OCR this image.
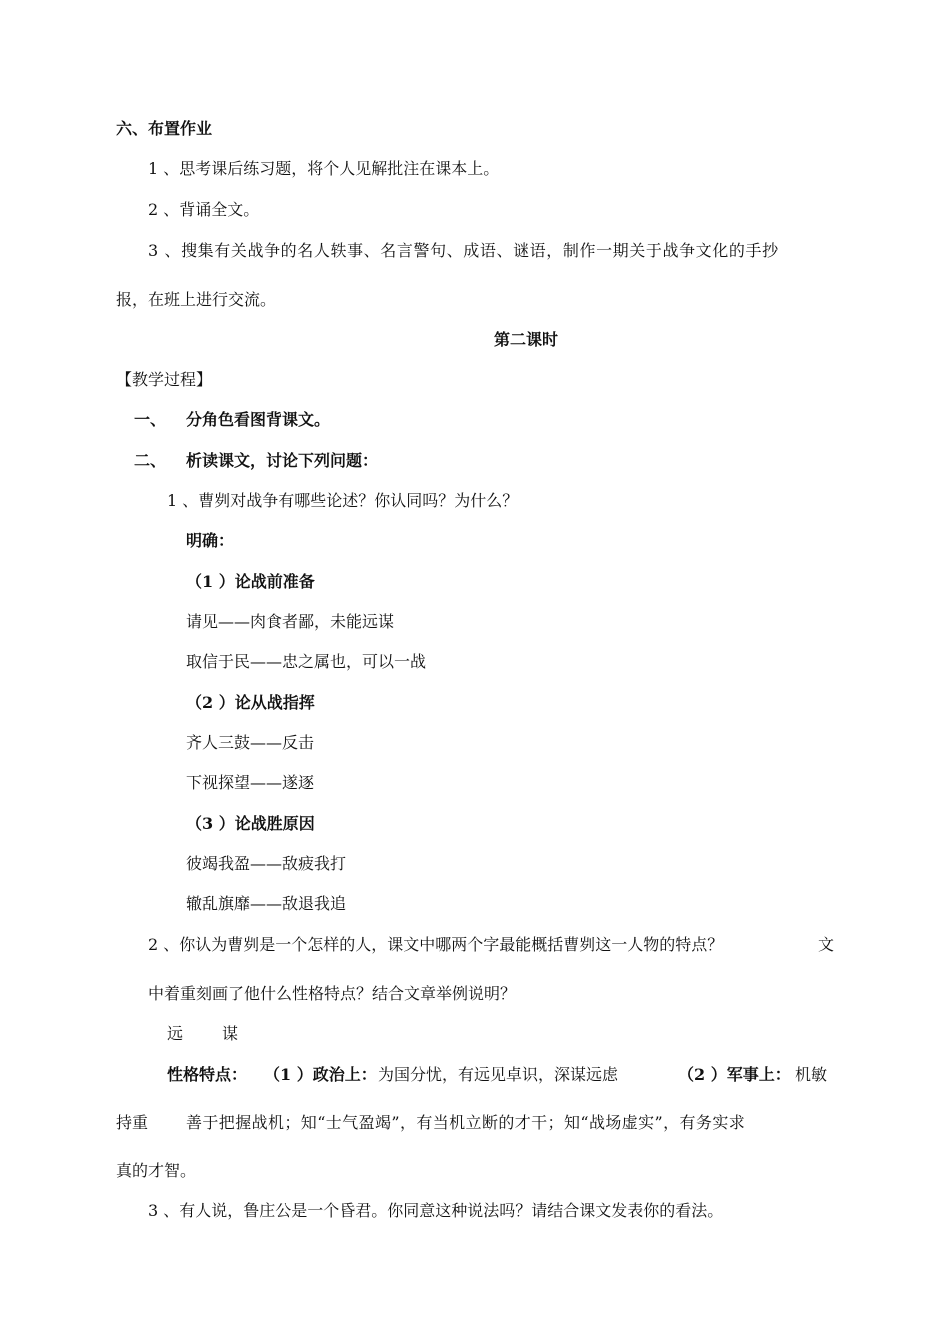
六、布置作业
1 、思考课后练习题，将个人见解批注在课本上。
2 、背诵全文。
3 、搜集有关战争的名人轶事、名言警句、成语、谜语，制作一期关于战争文化的手抄
报，在班上进行交流。
第二课时
【教学过程】
一、 分角色看图背课文。
二、 析读课文，讨论下列问题：
1 、曹刿对战争有哪些论述？你认同吗？为什么？
明确：
（1 ）论战前准备
请见——肉食者鄙，未能远谋
取信于民——忠之属也，可以一战
（2 ）论从战指挥
齐人三鼓——反击
下视探望——遂逐
（3 ）论战胜原因
彼竭我盈——敌疲我打
辙乱旗靡——敌退我追
2 、你认为曹刿是一个怎样的人，课文中哪两个字最能概括曹刿这一人物的特点？	文
中着重刻画了他什么性格特点？结合文章举例说明？
远 谋
性格特点： （1 ）政治上： 为国分忧，有远见卓识，深谋远虑	（2 ）军事上： 机敏
持重 善于把握战机；知“士气盈竭”，有当机立断的才干；知“战场虚实”，有务实求
真的才智。
3 、有人说，鲁庄公是一个昏君。你同意这种说法吗？请结合课文发表你的看法。
